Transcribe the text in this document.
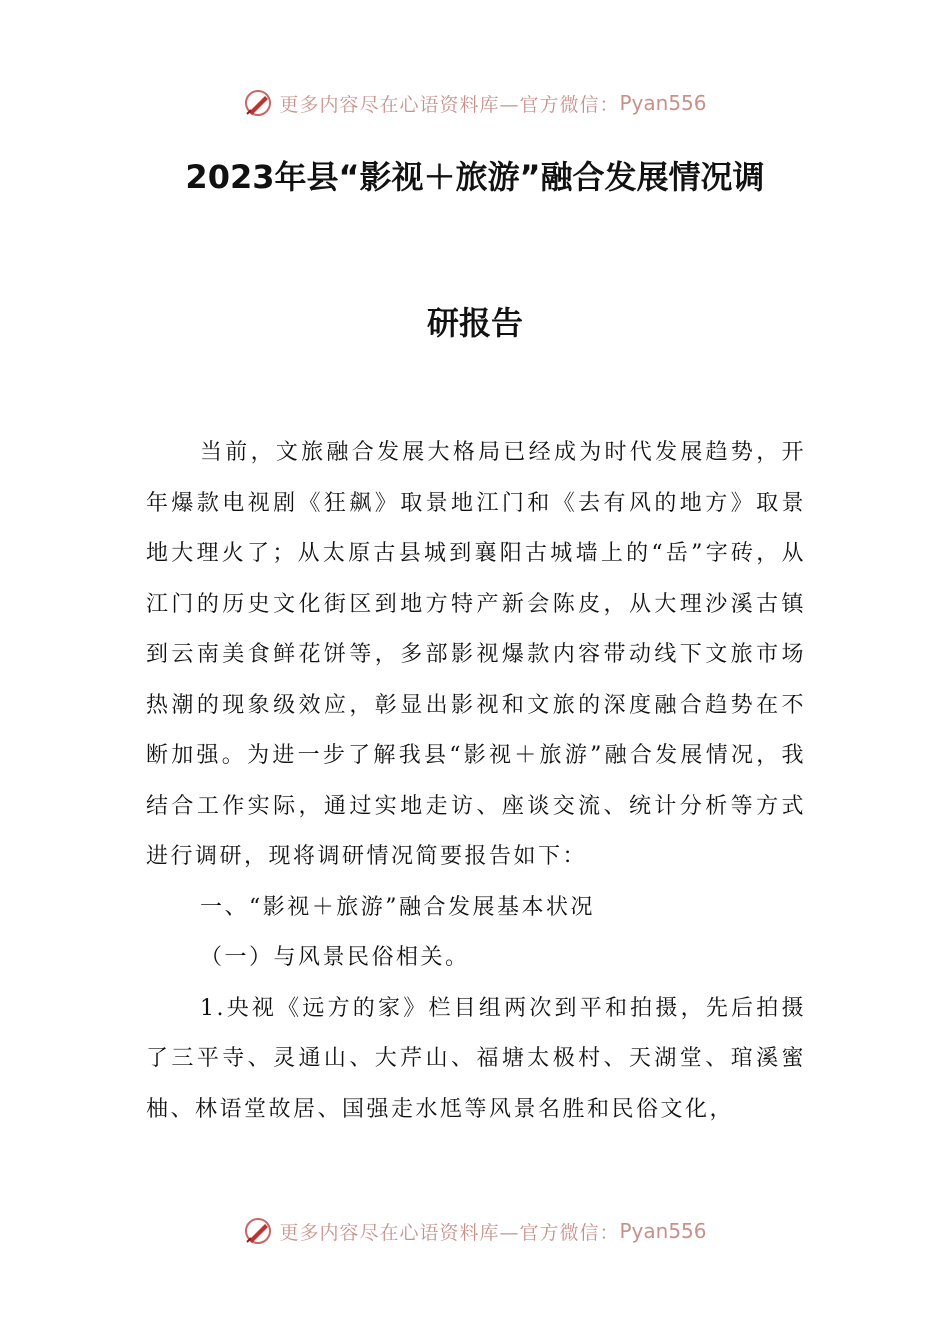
更多内容尽在心语资料库—官方微信： Pyan556
2023年县“影视＋旅游”融合发展情况调
研报告

当前，文旅融合发展大格局已经成为时代发展趋势，开年爆款电视剧《狂飙》取景地江门和《去有风的地方》取景地大理火了；从太原古县城到襄阳古城墙上的“岳”字砖，从江门的历史文化街区到地方特产新会陈皮，从大理沙溪古镇到云南美食鲜花饼等，多部影视爆款内容带动线下文旅市场热潮的现象级效应，彰显出影视和文旅的深度融合趋势在不断加强。为进一步了解我县“影视＋旅游”融合发展情况，我结合工作实际，通过实地走访、座谈交流、统计分析等方式进行调研，现将调研情况简要报告如下：

一、“影视＋旅游”融合发展基本状况

（一）与风景民俗相关。

1.央视《远方的家》栏目组两次到平和拍摄，先后拍摄了三平寺、灵通山、大芹山、福塘太极村、天湖堂、琯溪蜜柚、林语堂故居、国强走水尪等风景名胜和民俗文化，

更多内容尽在心语资料库—官方微信： Pyan556
